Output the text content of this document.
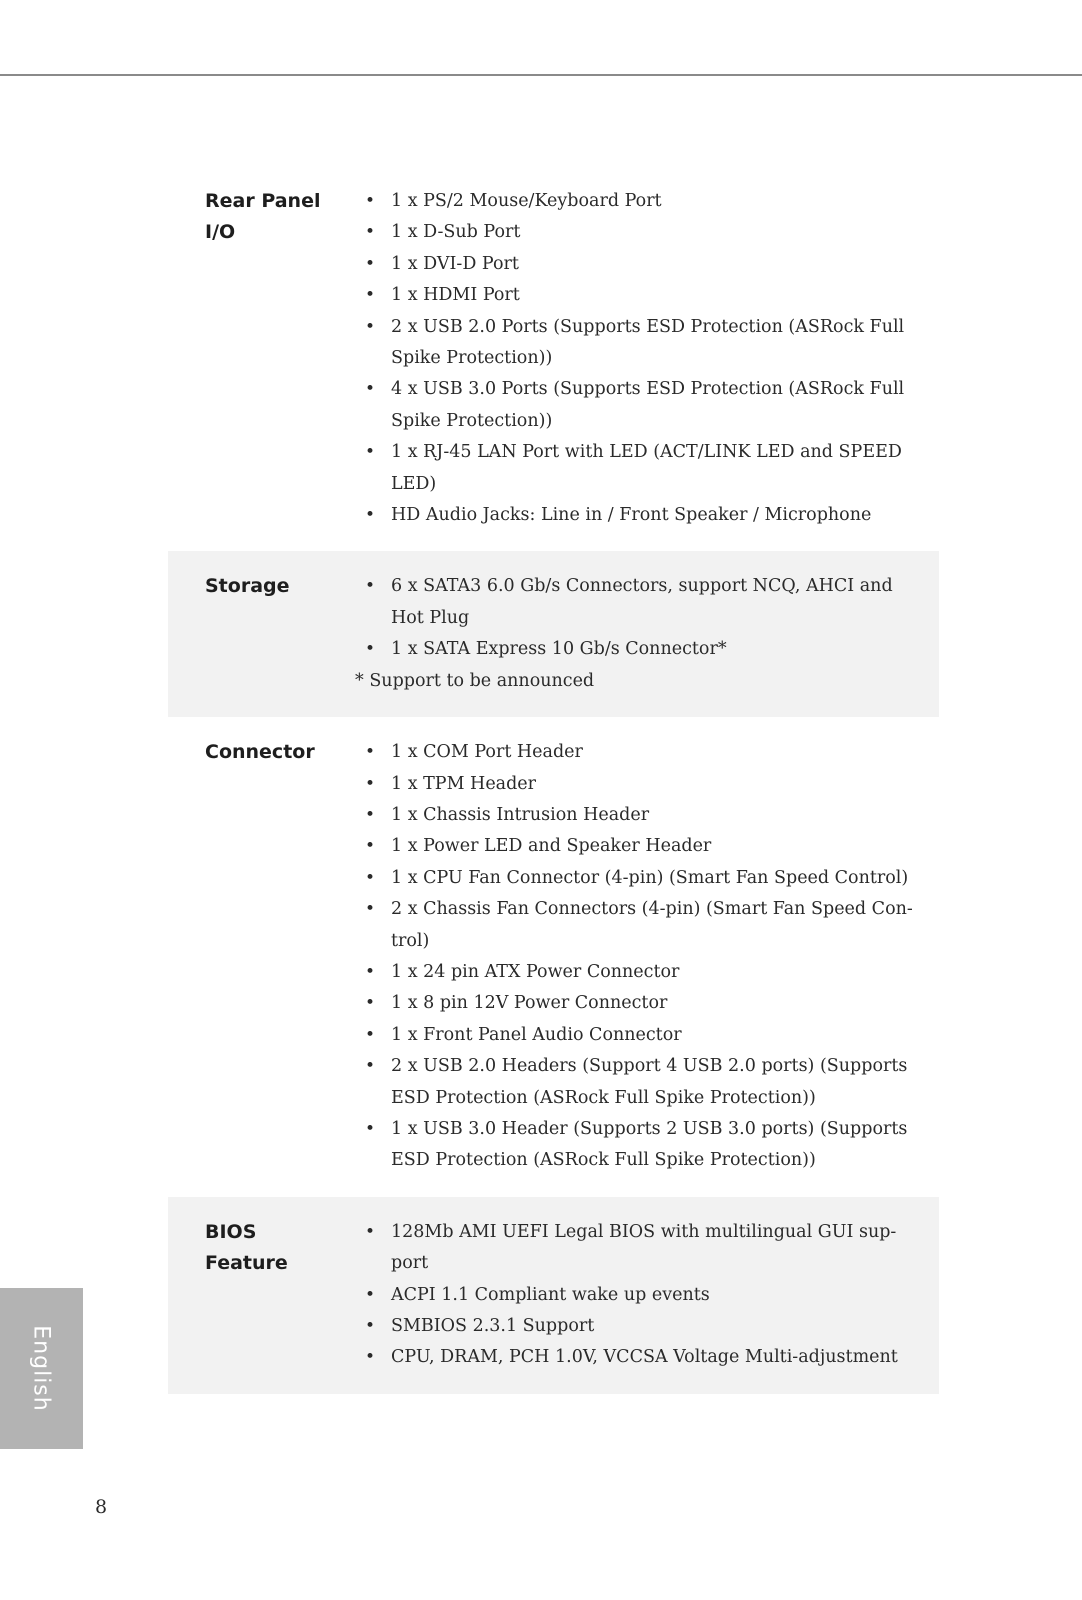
Rear Panel
I/O
• 1 x PS/2 Mouse/Keyboard Port
• 1 x D-Sub Port
• 1 x DVI-D Port
• 1 x HDMI Port
• 2 x USB 2.0 Ports (Supports ESD Protection (ASRock Full Spike Protection))
• 4 x USB 3.0 Ports (Supports ESD Protection (ASRock Full Spike Protection))
• 1 x RJ-45 LAN Port with LED (ACT/LINK LED and SPEED LED)
• HD Audio Jacks: Line in / Front Speaker / Microphone
Storage	• 6 x SATA3 6.0 Gb/s Connectors, support NCQ, AHCI and Hot Plug
• 1 x SATA Express 10 Gb/s Connector*
* Support to be announced
Connector	• 1 x COM Port Header
• 1 x TPM Header
• 1 x Chassis Intrusion Header
• 1 x Power LED and Speaker Header
• 1 x CPU Fan Connector (4-pin) (Smart Fan Speed Control)
• 2 x Chassis Fan Connectors (4-pin) (Smart Fan Speed Con- trol)
• 1 x 24 pin ATX Power Connector
• 1 x 8 pin 12V Power Connector
• 1 x Front Panel Audio Connector
• 2 x USB 2.0 Headers (Support 4 USB 2.0 ports) (Supports ESD Protection (ASRock Full Spike Protection))
• 1 x USB 3.0 Header (Supports 2 USB 3.0 ports) (Supports ESD Protection (ASRock Full Spike Protection))
BIOS
Feature
• 128Mb AMI UEFI Legal BIOS with multilingual GUI sup- port
• ACPI 1.1 Compliant wake up events
• SMBIOS 2.3.1 Support
• CPU, DRAM, PCH 1.0V, VCCSA Voltage Multi-adjustment
English
8
